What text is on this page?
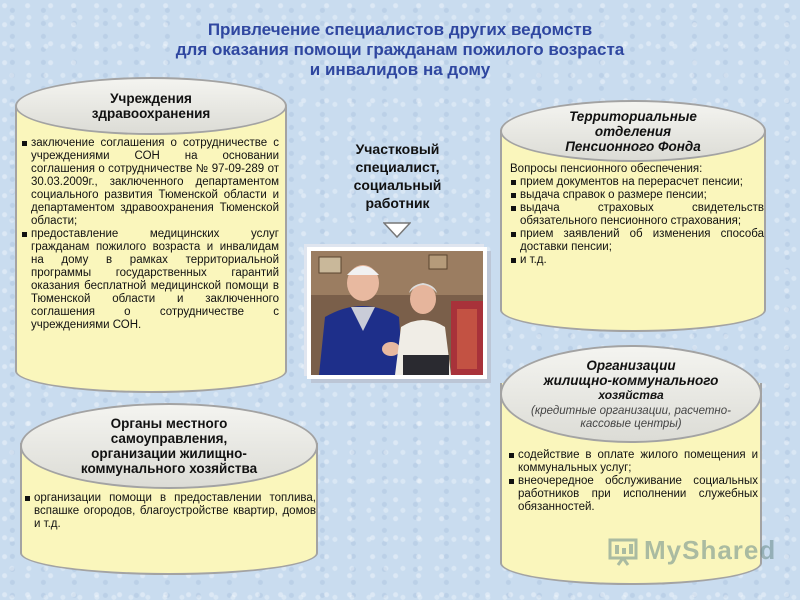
Привлечение специалистов других ведомств
для оказания помощи гражданам пожилого возраста
и инвалидов на дому
Учреждения
здравоохранения
заключение соглашения о сотрудничестве с учреждениями СОН на основании соглашения о сотрудничестве № 97-09-289 от 30.03.2009г., заключенного департаментом социального развития Тюменской области и департаментом здравоохранения Тюменской области;
предоставление медицинских услуг гражданам пожилого возраста и инвалидам на дому в рамках территориальной программы государственных гарантий оказания бесплатной медицинской помощи в Тюменской области и заключенного соглашения о сотрудничестве с учреждениями СОН.
Органы местного
самоуправления,
организации жилищно-
коммунального хозяйства
организации помощи в предоставлении топлива, вспашке огородов, благоустройстве квартир, домов и т.д.
Территориальные
отделения
Пенсионного Фонда
Вопросы пенсионного обеспечения:
прием документов на перерасчет пенсии;
выдача справок о размере пенсии;
выдача страховых свидетельств обязательного пенсионного страхования;
прием заявлений об изменения способа доставки пенсии;
и т.д.
Организации
жилищно-коммунального
хозяйства
(кредитные организации, расчетно-кассовые центры)
содействие в оплате жилого помещения и коммунальных услуг;
внеочередное обслуживание социальных работников при исполнении служебных обязанностей.
Участковый
специалист,
социальный
работник
MyShared
